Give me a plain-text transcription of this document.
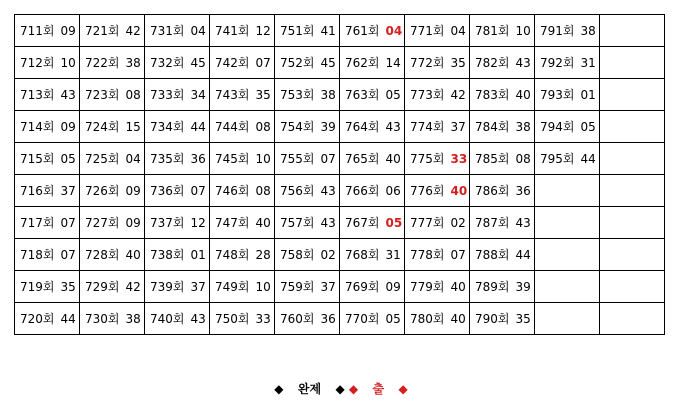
711회 09	721회 42	731회 04	741회 12	751회 41	761회 04	771회 04	781회 10	791회 38	
712회 10	722회 38	732회 45	742회 07	752회 45	762회 14	772회 35	782회 43	792회 31	
713회 43	723회 08	733회 34	743회 35	753회 38	763회 05	773회 42	783회 40	793회 01	
714회 09	724회 15	734회 44	744회 08	754회 39	764회 43	774회 37	784회 38	794회 05	
715회 05	725회 04	735회 36	745회 10	755회 07	765회 40	775회 33	785회 08	795회 44	
716회 37	726회 09	736회 07	746회 08	756회 43	766회 06	776회 40	786회 36		
717회 07	727회 09	737회 12	747회 40	757회 43	767회 05	777회 02	787회 43		
718회 07	728회 40	738회 01	748회 28	758회 02	768회 31	778회 07	788회 44		
719회 35	729회 42	739회 37	749회 10	759회 37	769회 09	779회 40	789회 39		
720회 44	730회 38	740회 43	750회 33	760회 36	770회 05	780회 40	790회 35		
◆ 완제 ◆ ◆ 출 ◆
